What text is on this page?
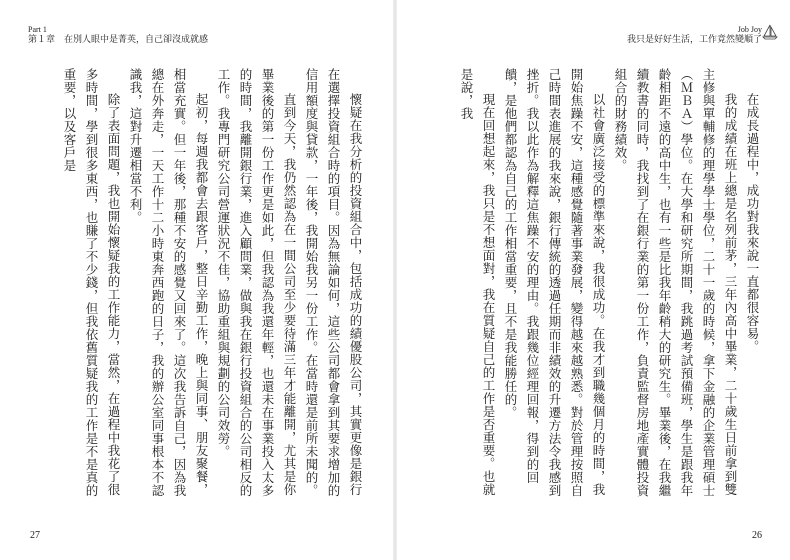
Part 1
第１章　在別人眼中是菁英，自己卻沒成就感

懷疑在我分析的投資組合中，包括成功的績優股公司，其實更像是銀行在選擇投資組合時的項目。因為無論如何，這些公司都會拿到其要求增加的信用額度與貸款，一年後，我開始我另一份工作。在當時還是前所未聞的。

直到今天，我仍然認為在一間公司至少要待滿三年才能離開，尤其是你畢業後的第一份工作更是如此，但我認為我還年輕，也還未在事業投入太多的時間，我離開銀行業，進入顧問業，做與我在銀行投資組合的公司相反的工作。我專門研究公司營運狀況不佳，協助重組與規劃的公司效勞。

起初，每週我都會去跟客戶，整日辛勤工作，晚上與同事、朋友聚餐，相當充實。但一年後，那種不安的感覺又回來了。這次我告訴自己，因為我總在外奔走，一天工作十二小時東奔西跑的日子，我的辦公室同事根本不認識我，這對升遷相當不利。

除了表面問題，我也開始懷疑我的工作能力，當然，在過程中我花了很多時間，學到很多東西，也賺了不少錢，但我依舊質疑我的工作是不是真的重要，以及客戶是

27
Job Joy
我只是好好生活，工作竟然變順了

在成長過程中，成功對我來說一直都很容易。

我的成績在班上總是名列前茅，三年內高中畢業，二十歲生日前拿到雙主修與單輔修的理學學士學位，二十一歲的時候，拿下金融的企業管理碩士（ＭＢＡ）學位。在大學和研究所期間，我跳過考試預備班，學生是跟我年齡相距不遠的高中生，也有一些是比我年齡稍大的研究生。畢業後，在我繼續教書的同時，我找到了在銀行業的第一份工作，負責監督房地產實體投資組合的財務績效。

以社會廣泛接受的標準來說，我很成功。在我才到職幾個月的時間，我開始焦躁不安，這種感覺隨著事業發展，變得越來越熟悉。對於管理按照自己時間表進展的我來說，銀行傳統的透過任期而非績效的升遷方法令我感到挫折。我以此作為解釋這焦躁不安的理由。我跟幾位經理回報，得到的回饋，是他們都認為自己的工作相當重要，且不是我能勝任的。

現在回想起來，我只是不想面對，我在質疑自己的工作是否重要。也就是說，我

26
